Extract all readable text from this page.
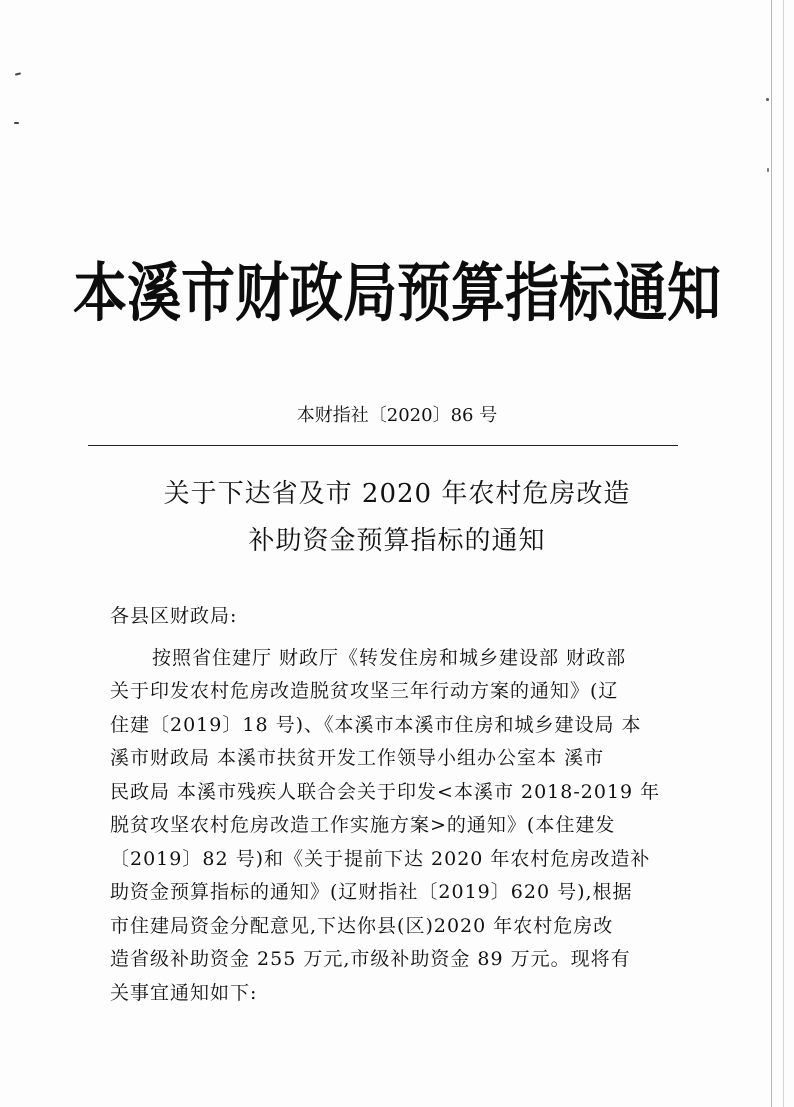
本溪市财政局预算指标通知
本财指社〔2020〕86 号
关于下达省及市 2020 年农村危房改造
补助资金预算指标的通知
各县区财政局:
按照省住建厅 财政厅《转发住房和城乡建设部 财政部
关于印发农村危房改造脱贫攻坚三年行动方案的通知》(辽
住建〔2019〕18 号)、《本溪市本溪市住房和城乡建设局 本
溪市财政局 本溪市扶贫开发工作领导小组办公室本 溪市
民政局 本溪市残疾人联合会关于印发<本溪市 2018-2019 年
脱贫攻坚农村危房改造工作实施方案>的通知》(本住建发
〔2019〕82 号)和《关于提前下达 2020 年农村危房改造补
助资金预算指标的通知》(辽财指社〔2019〕620 号),根据
市住建局资金分配意见,下达你县(区)2020 年农村危房改
造省级补助资金 255 万元,市级补助资金 89 万元。现将有
关事宜通知如下:
